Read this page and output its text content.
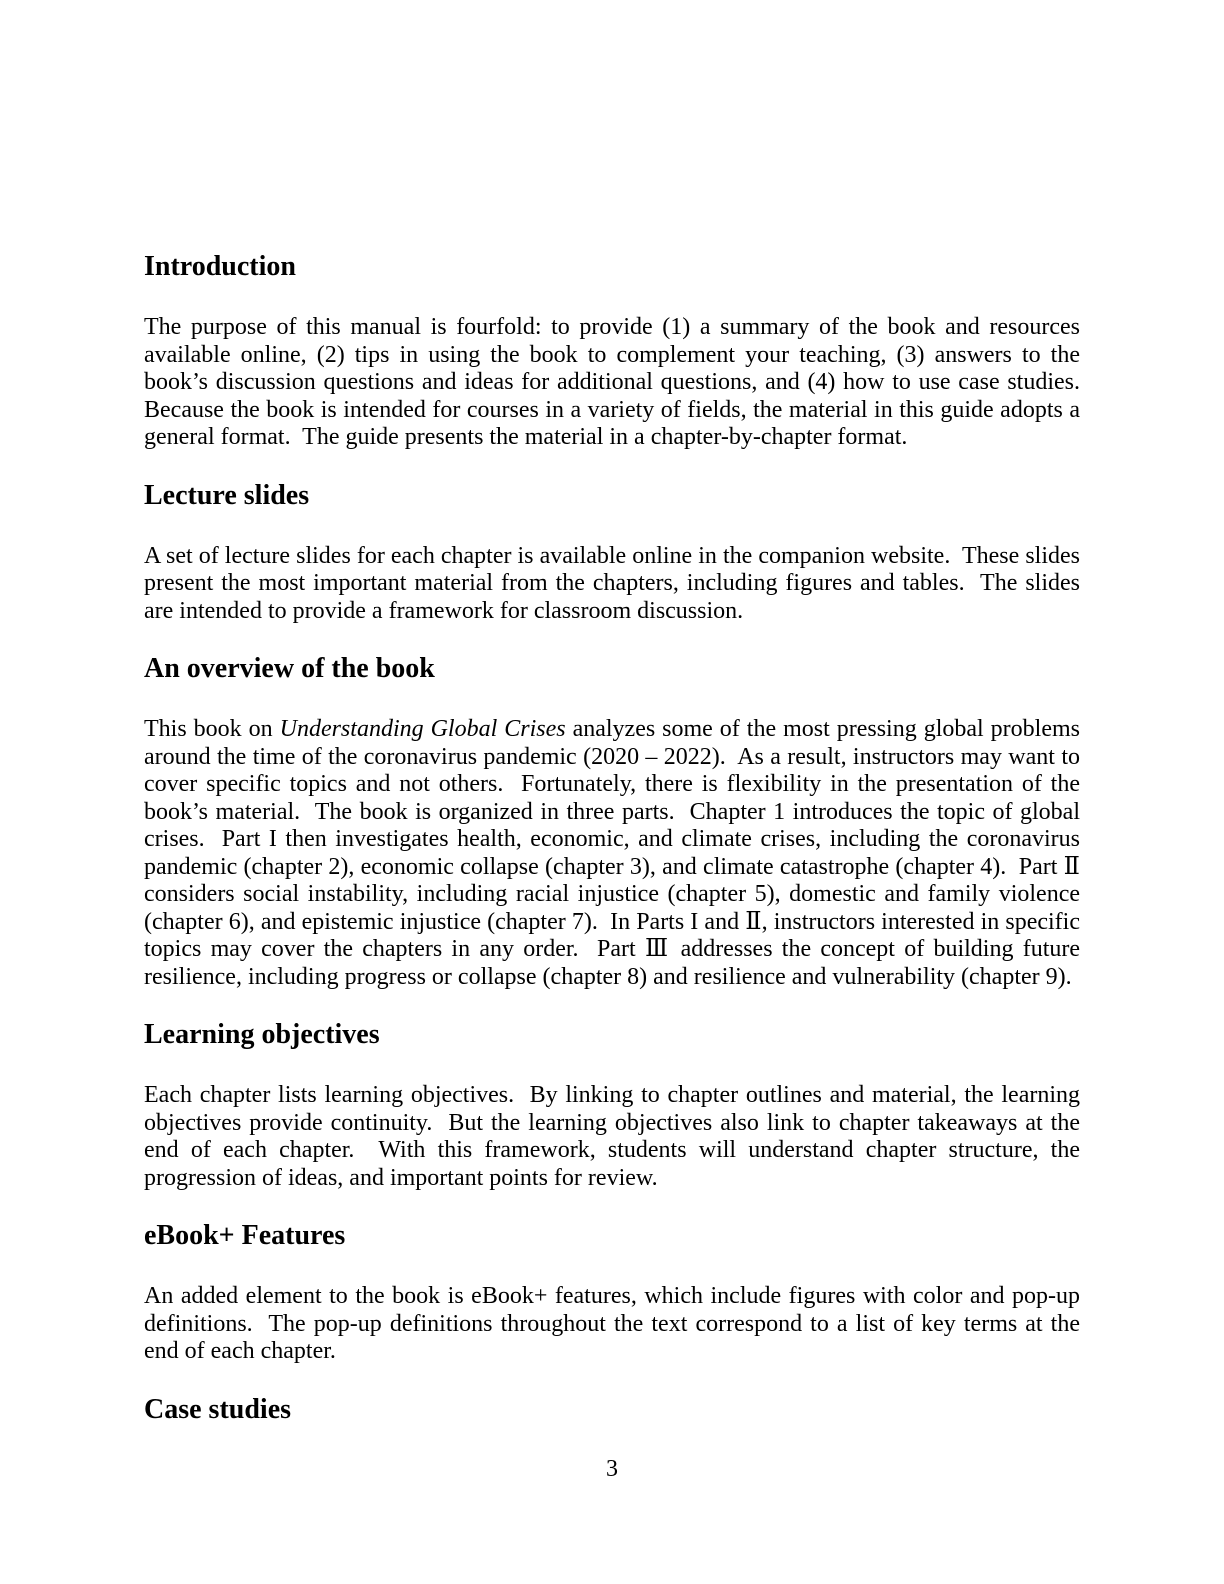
Introduction

The purpose of this manual is fourfold: to provide (1) a summary of the book and resources available online, (2) tips in using the book to complement your teaching, (3) answers to the book’s discussion questions and ideas for additional questions, and (4) how to use case studies.  Because the book is intended for courses in a variety of fields, the material in this guide adopts a general format.  The guide presents the material in a chapter-by-chapter format.

Lecture slides

A set of lecture slides for each chapter is available online in the companion website.  These slides present the most important material from the chapters, including figures and tables.  The slides are intended to provide a framework for classroom discussion.

An overview of the book

This book on Understanding Global Crises analyzes some of the most pressing global problems around the time of the coronavirus pandemic (2020 – 2022).  As a result, instructors may want to cover specific topics and not others.  Fortunately, there is flexibility in the presentation of the book’s material.  The book is organized in three parts.  Chapter 1 introduces the topic of global crises.  Part I then investigates health, economic, and climate crises, including the coronavirus pandemic (chapter 2), economic collapse (chapter 3), and climate catastrophe (chapter 4).  Part Ⅱ considers social instability, including racial injustice (chapter 5), domestic and family violence (chapter 6), and epistemic injustice (chapter 7).  In Parts I and Ⅱ, instructors interested in specific topics may cover the chapters in any order.  Part Ⅲ addresses the concept of building future resilience, including progress or collapse (chapter 8) and resilience and vulnerability (chapter 9).

Learning objectives

Each chapter lists learning objectives.  By linking to chapter outlines and material, the learning objectives provide continuity.  But the learning objectives also link to chapter takeaways at the end of each chapter.  With this framework, students will understand chapter structure, the progression of ideas, and important points for review.

eBook+ Features

An added element to the book is eBook+ features, which include figures with color and pop-up definitions.  The pop-up definitions throughout the text correspond to a list of key terms at the end of each chapter.

Case studies
3
